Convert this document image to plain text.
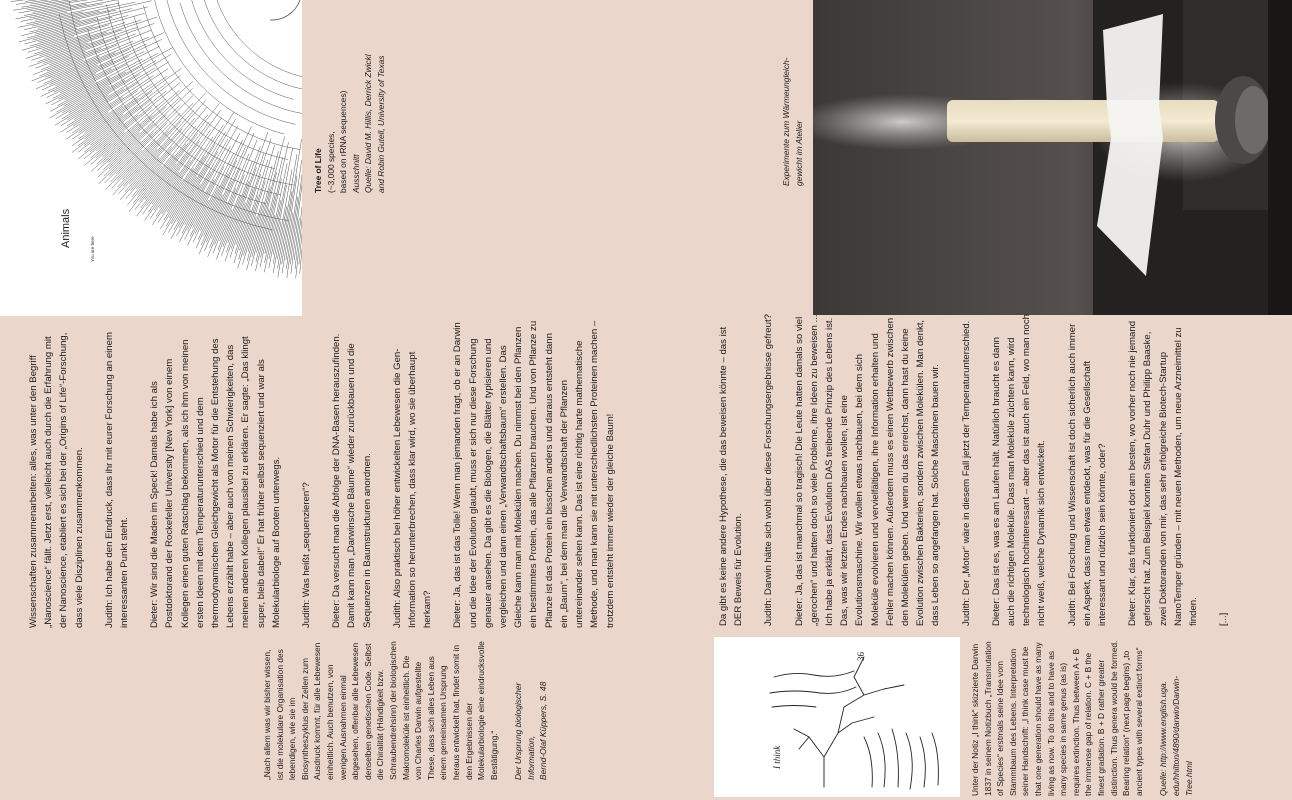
Animals
You are here
Tree of Life (~3,000 species, based on rRNA sequences) Ausschnitt Quelle: David M. Hillis, Derrick Zwickl and Robin Gutell, University of Texas	Experimente zum Wärmeungleich- gewicht im Atelier

„Nach allem was wir bisher wissen, ist die molekulare Organisation des lebendigen, wie sie im Biosyntheszyklus der Zellen zum Ausdruck kommt, für alle Lebewesen einheitlich. Auch benutzen, von wenigen Ausnahmen einmal abgesehen, offenbar alle Lebewesen denselben genetischen Code. Selbst die Chiralität (Händigkeit bzw. Schraubendrehsinn) der biologischen Makromoleküle ist einheitlich. Die von Charles Darwin aufgestellte These, dass sich alles Leben aus einem gemeinsamen Ursprung heraus entwickelt hat, findet somit in den Ergebnissen der Molekularbiologie eine eindrucksvolle Bestätigung.“ Der Ursprung biologischer Information, Bernd-Olaf Küppers, S. 48

Wissenschaften zusammenarbeiten: alles, was unter den Begriff „Nanoscience“ fällt. Jetzt erst, vielleicht auch durch die Erfahrung mit der Nanoscience, etabliert es sich bei der „Origins of Life“-Forschung, dass viele Disziplinen zusammenkommen. Judith: Ich habe den Eindruck, dass ihr mit eurer Forschung an einem interessanten Punkt steht. Dieter: Wir sind die Maden im Speck! Damals habe ich als Postdoktorand der Rockefeller University [New York] von einem Kollegen einen guten Ratschlag bekommen, als ich ihm von meinen ersten Ideen mit dem Temperaturunterschied und dem thermodynamischen Gleichgewicht als Motor für die Entstehung des Lebens erzählt habe – aber auch von meinen Schwierigkeiten, das meinen anderen Kollegen plausibel zu erklären. Er sagte: „Das klingt super, bleib dabei!“ Er hat früher selbst sequenziert und war als Molekularbiologe auf Booten unterwegs. Judith: Was heißt „sequenzieren“? Dieter: Da versucht man die Abfolge der DNA-Basen herauszufinden. Damit kann man „Darwinsche Bäume“ wieder zurückbauen und die Sequenzen in Baumstrukturen anordnen. Judith: Also praktisch bei höher entwickelten Lebewesen die Gen-Information so herunterbrechen, dass klar wird, wo sie überhaupt herkam? Dieter: Ja, das ist das Tolle! Wenn man jemanden fragt, ob er an Darwin und die Idee der Evolution glaubt, muss er sich nur diese Forschung genauer ansehen. Da gibt es die Biologen, die Blätter typisieren und vergleichen und dann einen „Verwandtschaftsbaum“ erstellen. Das Gleiche kann man mit Molekülen machen. Du nimmst bei den Pflanzen ein bestimmtes Protein, das alle Pflanzen brauchen. Und von Pflanze zu Pflanze ist das Protein ein bisschen anders und daraus entsteht dann ein „Baum“, bei dem man die Verwandtschaft der Pflanzen untereinander sehen kann. Das ist eine richtig harte mathematische Methode, und man kann sie mit unterschiedlichsten Proteinen machen – trotzdem entsteht immer wieder der gleiche Baum!	Da gibt es keine andere Hypothese, die das beweisen könnte – das ist DER Beweis für Evolution. Judith: Darwin hätte sich wohl über diese Forschungsergebnisse gefreut? Dieter: Ja, das ist manchmal so tragisch! Die Leute hatten damals so viel „gerochen“ und hatten doch so viele Probleme, ihre Ideen zu beweisen ... Ich habe ja erklärt, dass Evolution DAS treibende Prinzip des Lebens ist. Das, was wir letzten Endes nachbauen wollen, ist eine Evolutionsmaschine. Wir wollen etwas nachbauen, bei dem sich Moleküle evolvieren und vervielfältigen, ihre Information erhalten und Fehler machen können. Außerdem muss es einen Wettbewerb zwischen den Molekülen geben. Und wenn du das erreichst, dann hast du keine Evolution zwischen Bakterien, sondern zwischen Molekülen. Man denkt, dass Leben so angefangen hat. Solche Maschinen bauen wir. Judith: Der „Motor“ wäre in diesem Fall jetzt der Temperaturunterschied. Dieter: Das ist es, was es am Laufen hält. Natürlich braucht es dann auch die richtigen Moleküle. Dass man Moleküle züchten kann, wird technologisch hochinteressant – aber das ist auch ein Feld, wo man noch nicht weiß, welche Dynamik sich entwickelt. Judith: Bei Forschung und Wissenschaft ist doch sicherlich auch immer ein Aspekt, dass man etwas entdeckt, was für die Gesellschaft interessant und nützlich sein könnte, oder? Dieter: Klar, das funktioniert dort am besten, wo vorher noch nie jemand geforscht hat. Zum Beispiel konnten Stefan Duhr und Philipp Baaske, zwei Doktoranden von mir, das sehr erfolgreiche Biotech-Startup NanoTemper gründen – mit neuen Methoden, um neue Arzneimittel zu finden. [...]

36
I think	Unter der Notiz „I think“ skizzierte Darwin 1837 in seinem Notizbuch „Transmutation of Species“ erstmals seine Idee vom Stammbaum des Lebens. Interpretation seiner Handschrift: „I think case must be that one generation should have as many living as now. To do this and to have as many species in same genus (as is) requires extinction. Thus between A + B the immense gap of relation. C + B the finest gradation. B + D rather greater distinction. Thus genera would be formed. Bearing relation“ (next page begins) „to ancient types with several extinct forms“ Quelle: http://www.english.uga. edu/hhilton/4890/darwin/Darwin- Tree.html
